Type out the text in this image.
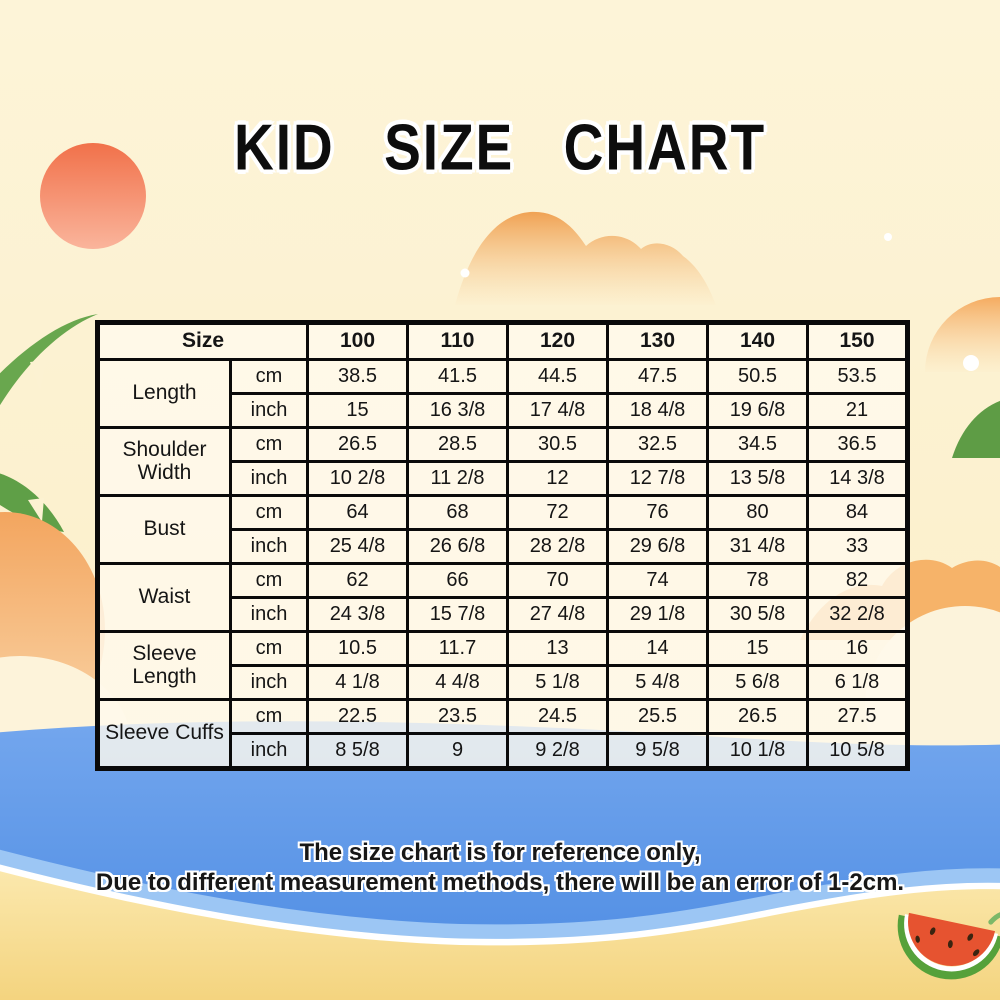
KID SIZE CHART
Size		100	110	120	130	140	150
Length	cm	38.5	41.5	44.5	47.5	50.5	53.5
	inch	15	16 3/8	17 4/8	18 4/8	19 6/8	21
Shoulder Width	cm	26.5	28.5	30.5	32.5	34.5	36.5
	inch	10 2/8	11 2/8	12	12 7/8	13 5/8	14 3/8
Bust	cm	64	68	72	76	80	84
	inch	25 4/8	26 6/8	28 2/8	29 6/8	31 4/8	33
Waist	cm	62	66	70	74	78	82
	inch	24 3/8	15 7/8	27 4/8	29 1/8	30 5/8	32 2/8
Sleeve Length	cm	10.5	11.7	13	14	15	16
	inch	4 1/8	4 4/8	5 1/8	5 4/8	5 6/8	6 1/8
Sleeve Cuffs	cm	22.5	23.5	24.5	25.5	26.5	27.5
	inch	8 5/8	9	9 2/8	9 5/8	10 1/8	10 5/8
The size chart is for reference only,
Due to different measurement methods, there will be an error of 1-2cm.
